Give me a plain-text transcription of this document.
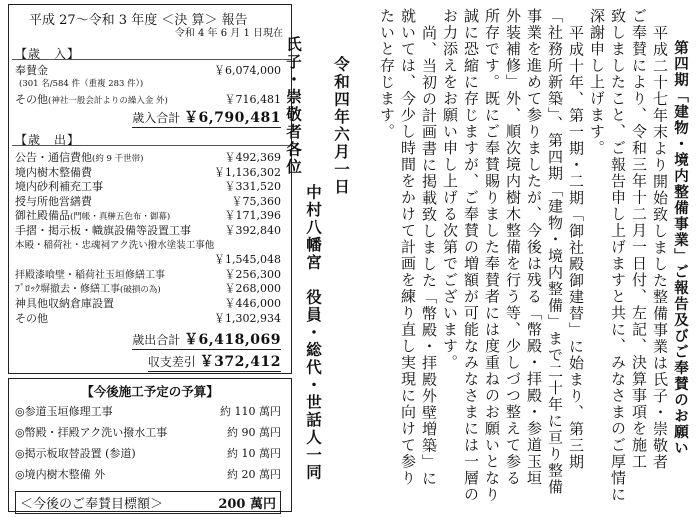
平成 27～令和 3 年度 ＜決 算＞ 報告
令和 4 年 6 月 1 日現在
【歳　入】
奉賛金	￥6,074,000
(301 名/584 件（重複 283 件）)
その他(神社一般会計よりの繰入金 外)	￥716,481
歳入合計 ￥6,790,481
【歳　出】
公告・通信費他(約 9 千世帯)	￥492,369
境内樹木整備費	￥1,136,302
境内砂利補充工事	￥331,520
授与所他営繕費	￥75,360
御社殿備品(門帳・真榊五色布・御幕)	￥171,396
手摺・掲示板・幟旗設備等設置工事	￥392,840
本殿・稲荷社・忠魂祠アク洗い撥水塗装工事他
￥1,545,048
拝殿漆喰壁・稲荷社玉垣修繕工事	￥256,300
ﾌﾞﾛｯｸ塀撤去・修繕工事(破損の為)	￥268,000
神具他収納倉庫設置	￥446,000
その他	￥1,302,934
歳出合計 ￥6,418,069
収支差引 ￥372,412
【今後施工予定の予算】
◎参道玉垣修理工事	約 110 萬円
◎幣殿・拝殿アク洗い撥水工事	約 90 萬円
◎掲示板取替設置 (参道)	約 10 萬円
◎境内樹木整備 外	約 20 萬円
＜今後のご奉賛目標額＞	200 萬円
第四期「建物・境内整備事業」ご報告及びご奉賛のお願い
平成二十七年末より開始致しました整備事業は氏子・崇敬者
ご奉賛により、令和三年十二月一日付、左記、決算事項を施工
致しましたこと、ご報告申し上げますと共に、みなさまのご厚情に
深謝申し上げます。
平成十年、第一期・二期「御社殿御建替」に始まり、第三期
「社務所新築」、第四期「建物・境内整備」まで二十年に亘り整備
事業を進めて参りましたが、今後は残る「幣殿・拝殿・参道玉垣
外装補修」外、順次境内樹木整備を行う等、少しづつ整えて参る
所存です。既にご奉賛賜りました奉賛者には度重ねのお願いとなり
誠に恐縮に存じますが、ご奉賛の増額が可能なみなさまには一層の
お力添えをお願い申し上げる次第でございます。
尚、当初の計画書に掲載致しました「幣殿・拝殿外壁増築」に
就いては、今少し時間をかけて計画を練り直し実現に向けて参り
たいと存じます。
氏子・崇敬者各位 令和四年六月一日
中村八幡宮　役員・総代・世話人一同
